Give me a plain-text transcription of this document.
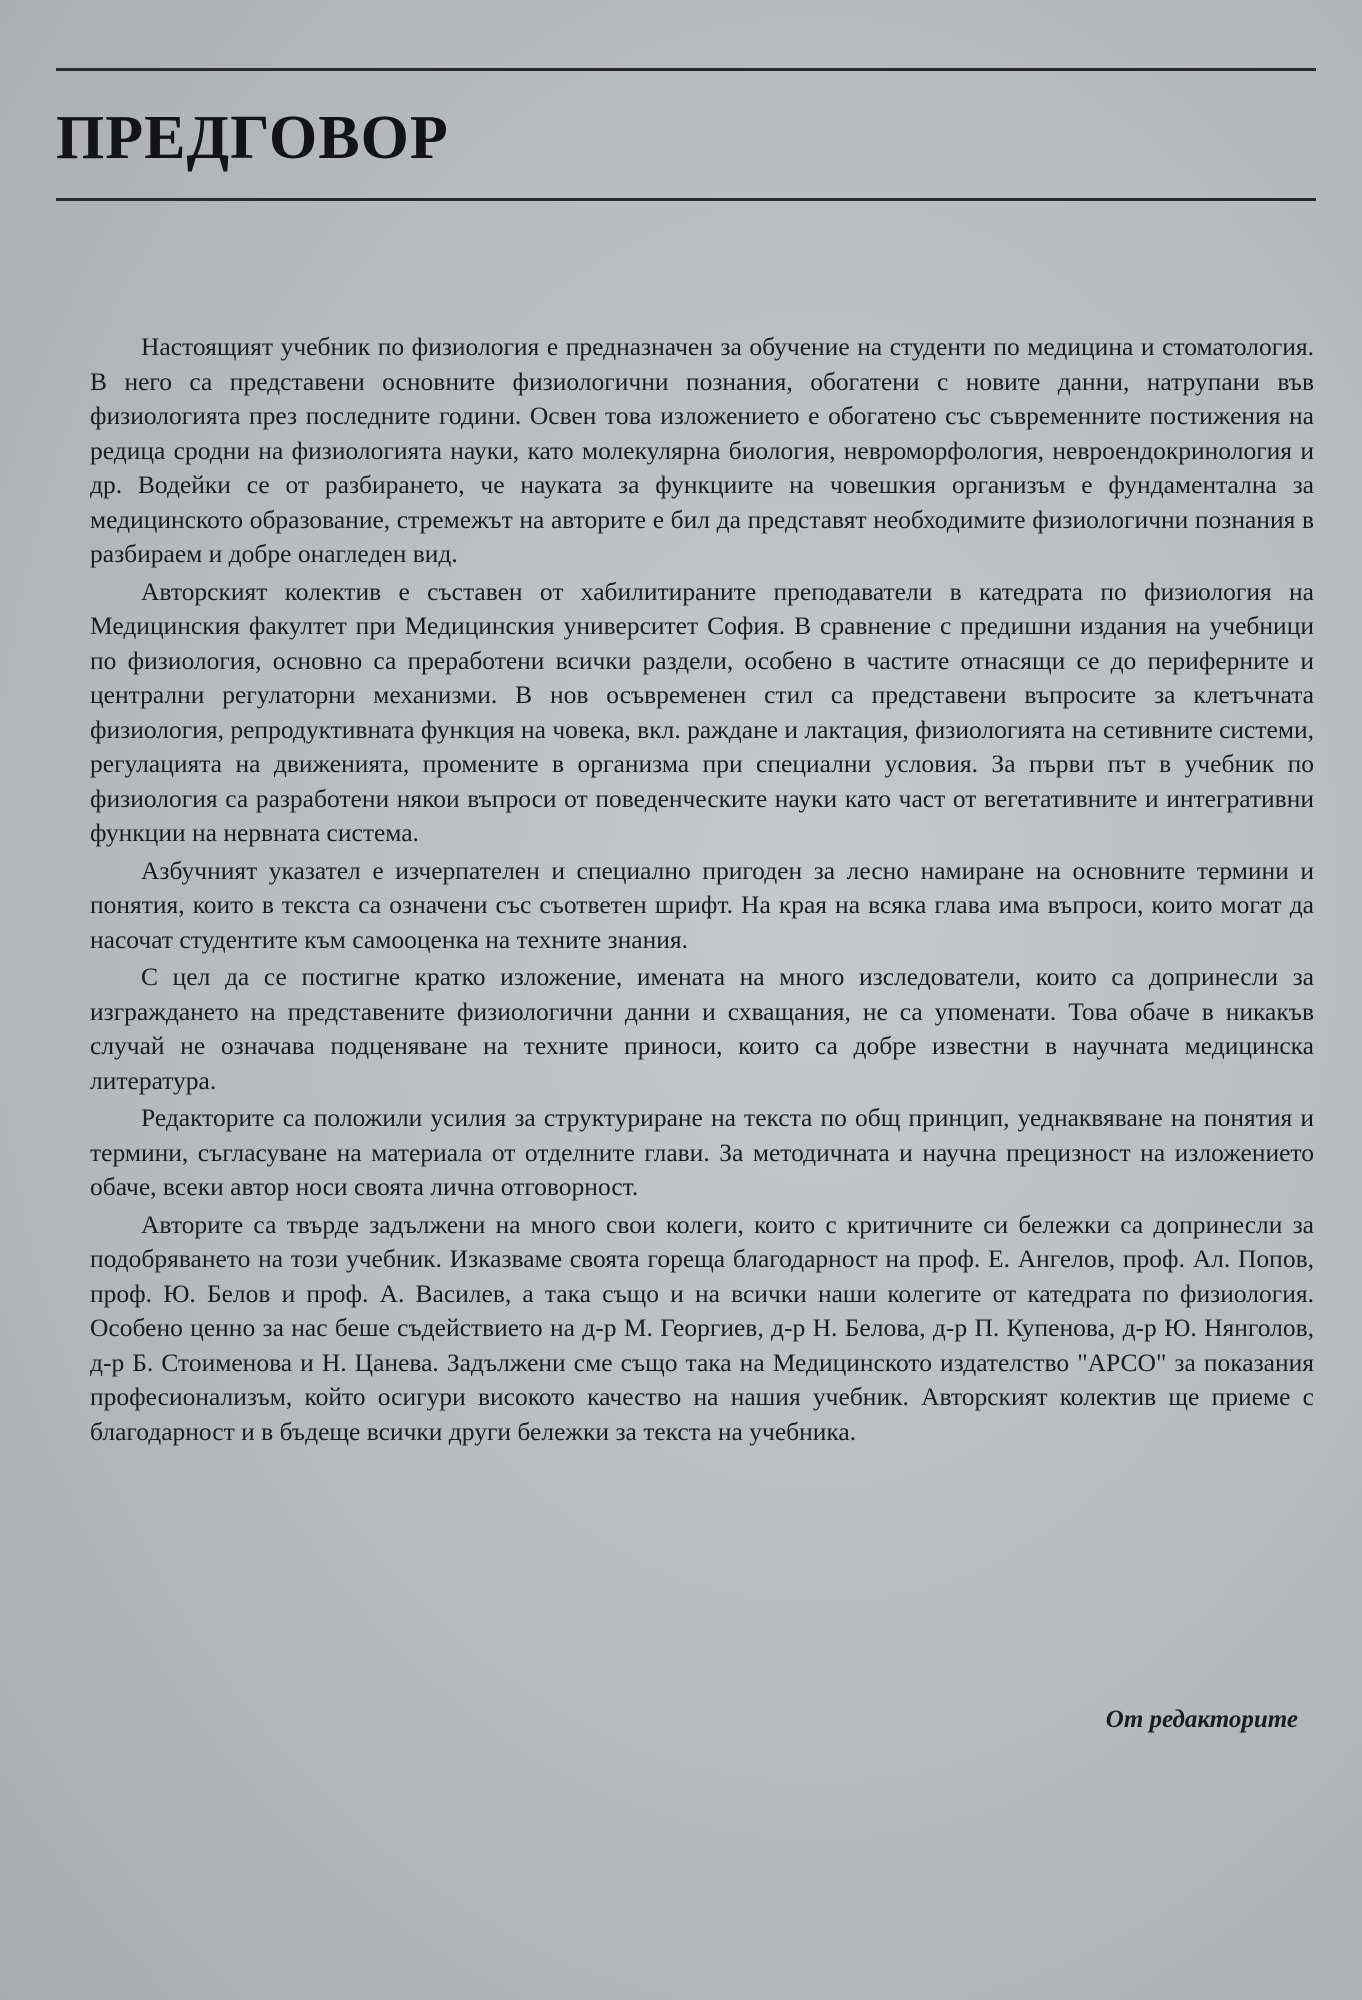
ПРЕДГОВОР

Настоящият учебник по физиология е предназначен за обучение на студенти по медицина и стоматология. В него са представени основните физиологични познания, обогатени с новите данни, натрупани във физиологията през последните години. Освен това изложението е обогатено със съвременните постижения на редица сродни на физиологията науки, като молекулярна биология, невроморфология, невроендокринология и др. Водейки се от разбирането, че науката за функциите на човешкия организъм е фундаментална за медицинското образование, стремежът на авторите е бил да представят необходимите физиологични познания в разбираем и добре онагледен вид.

Авторският колектив е съставен от хабилитираните преподаватели в катедрата по физиология на Медицинския факултет при Медицинския университет София. В сравнение с предишни издания на учебници по физиология, основно са преработени всички раздели, особено в частите отнасящи се до периферните и централни регулаторни механизми. В нов осъвременен стил са представени въпросите за клетъчната физиология, репродуктивната функция на човека, вкл. раждане и лактация, физиологията на сетивните системи, регулацията на движенията, промените в организма при специални условия. За първи път в учебник по физиология са разработени някои въпроси от поведенческите науки като част от вегетативните и интегративни функции на нервната система.

Азбучният указател е изчерпателен и специално пригоден за лесно намиране на основните термини и понятия, които в текста са означени със съответен шрифт. На края на всяка глава има въпроси, които могат да насочат студентите към самооценка на техните знания.

С цел да се постигне кратко изложение, имената на много изследователи, които са допринесли за изграждането на представените физиологични данни и схващания, не са упоменати. Това обаче в никакъв случай не означава подценяване на техните приноси, които са добре известни в научната медицинска литература.

Редакторите са положили усилия за структуриране на текста по общ принцип, уеднаквяване на понятия и термини, съгласуване на материала от отделните глави. За методичната и научна прецизност на изложението обаче, всеки автор носи своята лична отговорност.

Авторите са твърде задължени на много свои колеги, които с критичните си бележки са допринесли за подобряването на този учебник. Изказваме своята гореща благодарност на проф. Е. Ангелов, проф. Ал. Попов, проф. Ю. Белов и проф. А. Василев, а така също и на всички наши колегите от катедрата по физиология. Особено ценно за нас беше съдействието на д-р М. Георгиев, д-р Н. Белова, д-р П. Купенова, д-р Ю. Нянголов, д-р Б. Стоименова и Н. Цанева. Задължени сме също така на Медицинското издателство "АРСО" за показания професионализъм, който осигури високото качество на нашия учебник. Авторският колектив ще приеме с благодарност и в бъдеще всички други бележки за текста на учебника.

От редакторите
